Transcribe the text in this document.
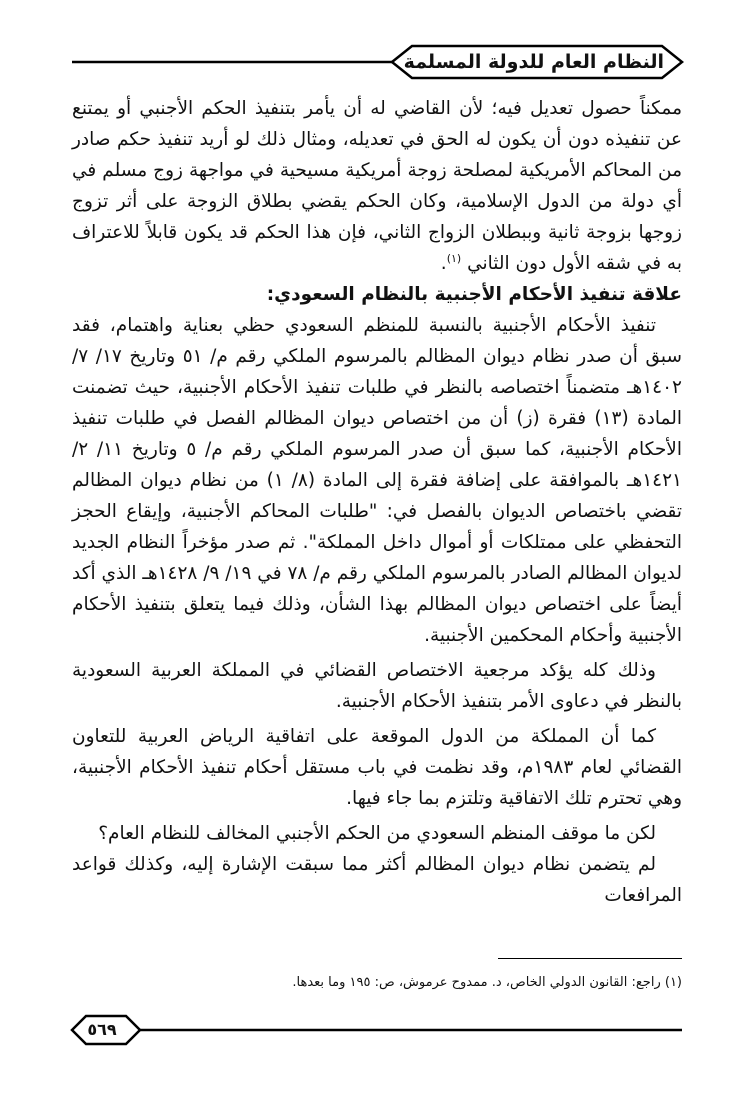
النظام العام للدولة المسلمة

ممكناً حصول تعديل فيه؛ لأن القاضي له أن يأمر بتنفيذ الحكم الأجنبي أو يمتنع عن تنفيذه دون أن يكون له الحق في تعديله، ومثال ذلك لو أريد تنفيذ حكم صادر من المحاكم الأمريكية لمصلحة زوجة أمريكية مسيحية في مواجهة زوج مسلم في أي دولة من الدول الإسلامية، وكان الحكم يقضي بطلاق الزوجة على أثر تزوج زوجها بزوجة ثانية وببطلان الزواج الثاني، فإن هذا الحكم قد يكون قابلاً للاعتراف به في شقه الأول دون الثاني $^{(١)}$.

علاقة تنفيذ الأحكام الأجنبية بالنظام السعودي:

تنفيذ الأحكام الأجنبية بالنسبة للمنظم السعودي حظي بعناية واهتمام، فقد سبق أن صدر نظام ديوان المظالم بالمرسوم الملكي رقم م/ ٥١ وتاريخ ١٧/ ٧/ ١٤٠٢هـ متضمناً اختصاصه بالنظر في طلبات تنفيذ الأحكام الأجنبية، حيث تضمنت المادة (١٣) فقرة (ز) أن من اختصاص ديوان المظالم الفصل في طلبات تنفيذ الأحكام الأجنبية، كما سبق أن صدر المرسوم الملكي رقم م/ ٥ وتاريخ ١١/ ٢/ ١٤٢١هـ بالموافقة على إضافة فقرة إلى المادة (٨/ ١) من نظام ديوان المظالم تقضي باختصاص الديوان بالفصل في: "طلبات المحاكم الأجنبية، وإيقاع الحجز التحفظي على ممتلكات أو أموال داخل المملكة". ثم صدر مؤخراً النظام الجديد لديوان المظالم الصادر بالمرسوم الملكي رقم م/ ٧٨ في ١٩/ ٩/ ١٤٢٨هـ الذي أكد أيضاً على اختصاص ديوان المظالم بهذا الشأن، وذلك فيما يتعلق بتنفيذ الأحكام الأجنبية وأحكام المحكمين الأجنبية.

وذلك كله يؤكد مرجعية الاختصاص القضائي في المملكة العربية السعودية بالنظر في دعاوى الأمر بتنفيذ الأحكام الأجنبية.

كما أن المملكة من الدول الموقعة على اتفاقية الرياض العربية للتعاون القضائي لعام ١٩٨٣م، وقد نظمت في باب مستقل أحكام تنفيذ الأحكام الأجنبية، وهي تحترم تلك الاتفاقية وتلتزم بما جاء فيها.

لكن ما موقف المنظم السعودي من الحكم الأجنبي المخالف للنظام العام؟

لم يتضمن نظام ديوان المظالم أكثر مما سبقت الإشارة إليه، وكذلك قواعد المرافعات

(١) راجع: القانون الدولي الخاص، د. ممدوح عرموش، ص: ١٩٥ وما بعدها.
٥٦٩
